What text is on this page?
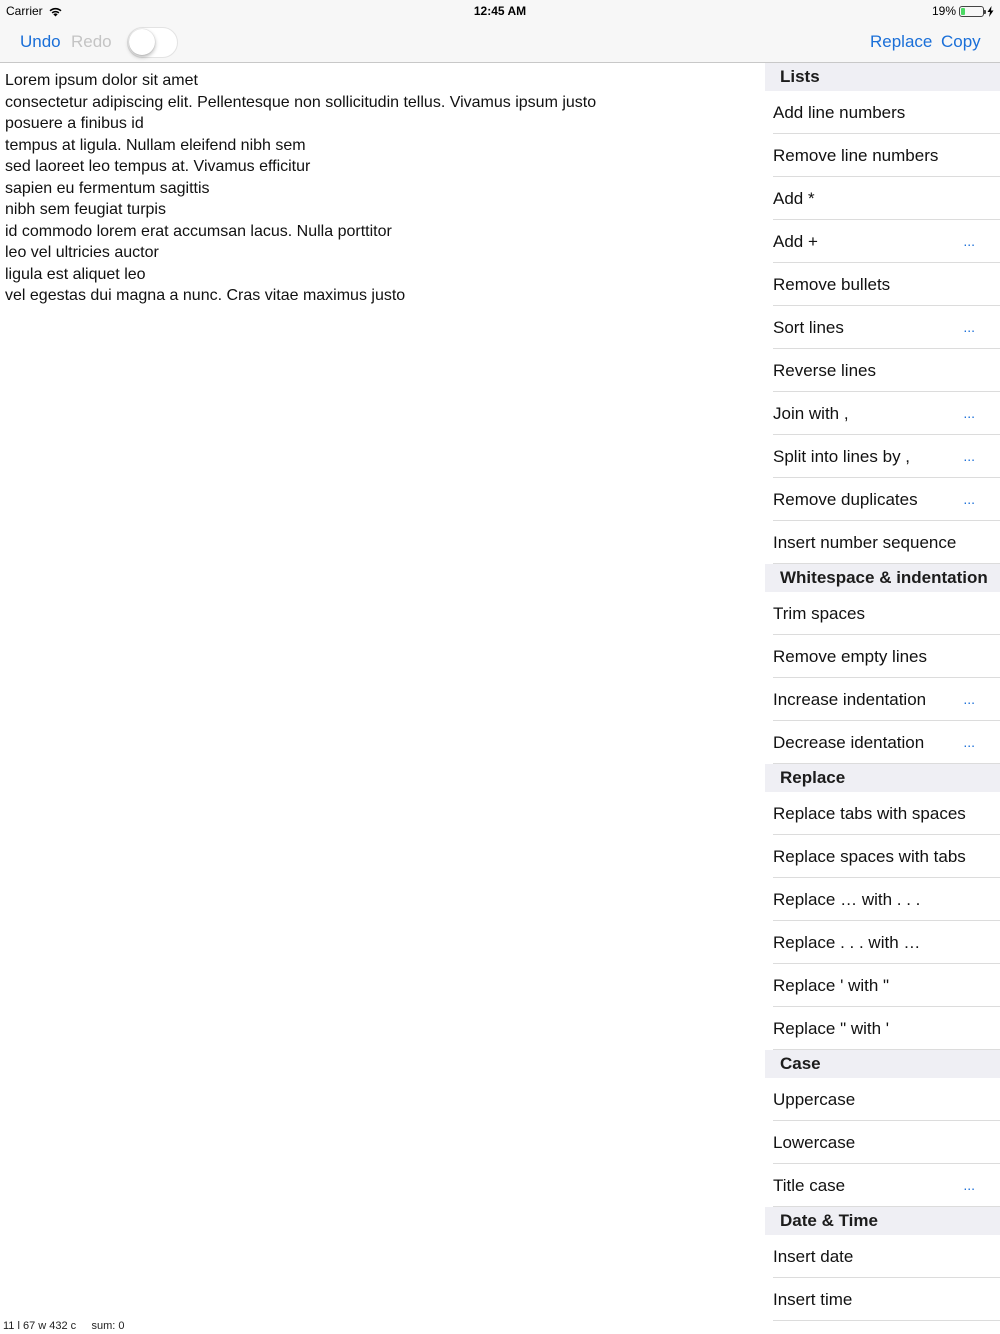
Carrier	12:45 AM	19%
Undo Redo	Replace Copy
Lorem ipsum dolor sit amet
consectetur adipiscing elit. Pellentesque non sollicitudin tellus. Vivamus ipsum justo
posuere a finibus id
tempus at ligula. Nullam eleifend nibh sem
sed laoreet leo tempus at. Vivamus efficitur
sapien eu fermentum sagittis
nibh sem feugiat turpis
id commodo lorem erat accumsan lacus. Nulla porttitor
leo vel ultricies auctor
ligula est aliquet leo
vel egestas dui magna a nunc. Cras vitae maximus justo
11 l 67 w 432 c sum: 0
Lists
Add line numbers
Remove line numbers
Add *
Add +	...
Remove bullets
Sort lines	...
Reverse lines
Join with ,	...
Split into lines by ,	...
Remove duplicates	...
Insert number sequence
Whitespace & indentation
Trim spaces
Remove empty lines
Increase indentation	...
Decrease identation	...
Replace
Replace tabs with spaces
Replace spaces with tabs
Replace … with . . .
Replace . . . with …
Replace ' with "
Replace " with '
Case
Uppercase
Lowercase
Title case	...
Date & Time
Insert date
Insert time
